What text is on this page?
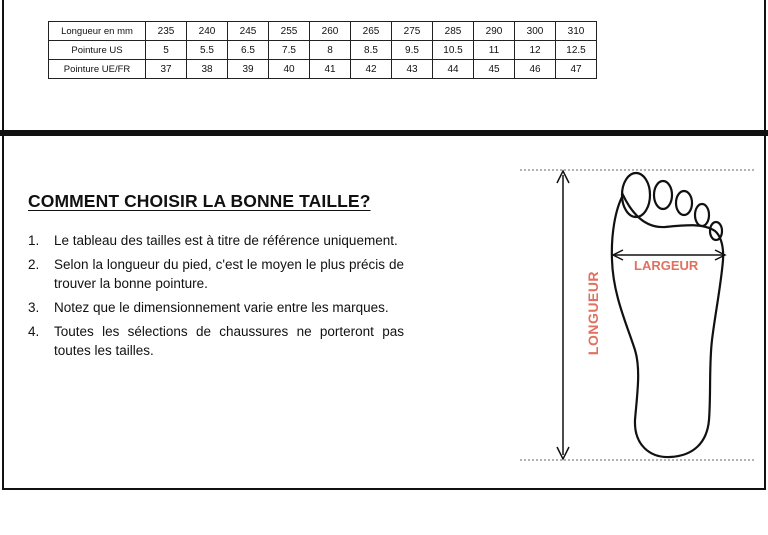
Longueur en mm	235	240	245	255	260	265	275	285	290	300	310
Pointure US	5	5.5	6.5	7.5	8	8.5	9.5	10.5	11	12	12.5
Pointure UE/FR	37	38	39	40	41	42	43	44	45	46	47
COMMENT CHOISIR LA BONNE TAILLE?
1. Le tableau des tailles est à titre de référence uniquement.
2. Selon la longueur du pied, c'est le moyen le plus précis de trouver la bonne pointure.
3. Notez que le dimensionnement varie entre les marques.
4. Toutes les sélections de chaussures ne porteront pas toutes les tailles.	LONGUEUR
LARGEUR
